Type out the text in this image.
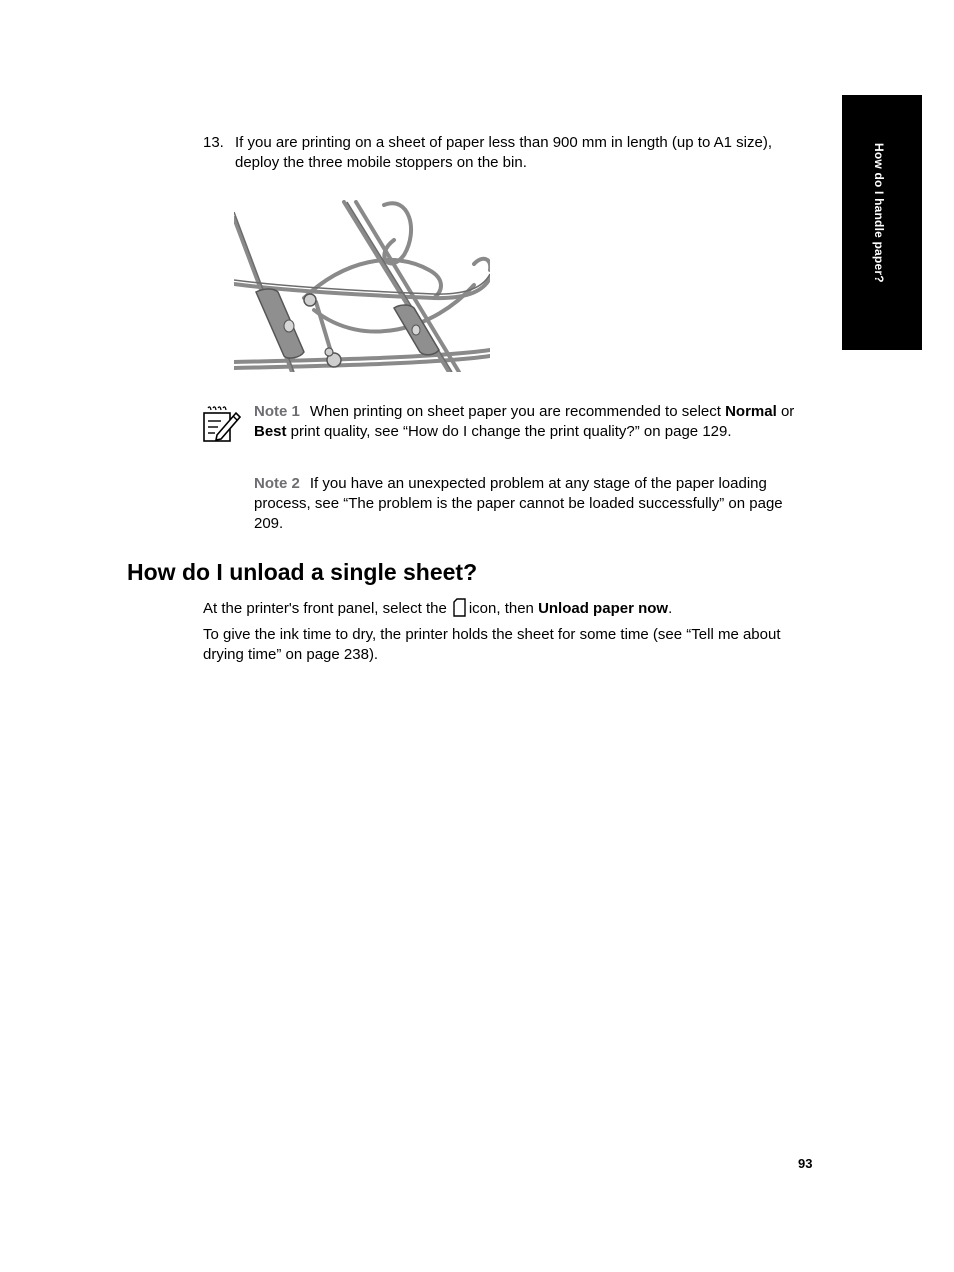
How do I handle paper?
13. If you are printing on a sheet of paper less than 900 mm in length (up to A1 size), deploy the three mobile stoppers on the bin.
Note 1 When printing on sheet paper you are recommended to select Normal or Best print quality, see “How do I change the print quality?” on page 129.
Note 2 If you have an unexpected problem at any stage of the paper loading process, see “The problem is the paper cannot be loaded successfully” on page 209.
How do I unload a single sheet?
At the printer's front panel, select the icon, then Unload paper now.
To give the ink time to dry, the printer holds the sheet for some time (see “Tell me about drying time” on page 238).
93
